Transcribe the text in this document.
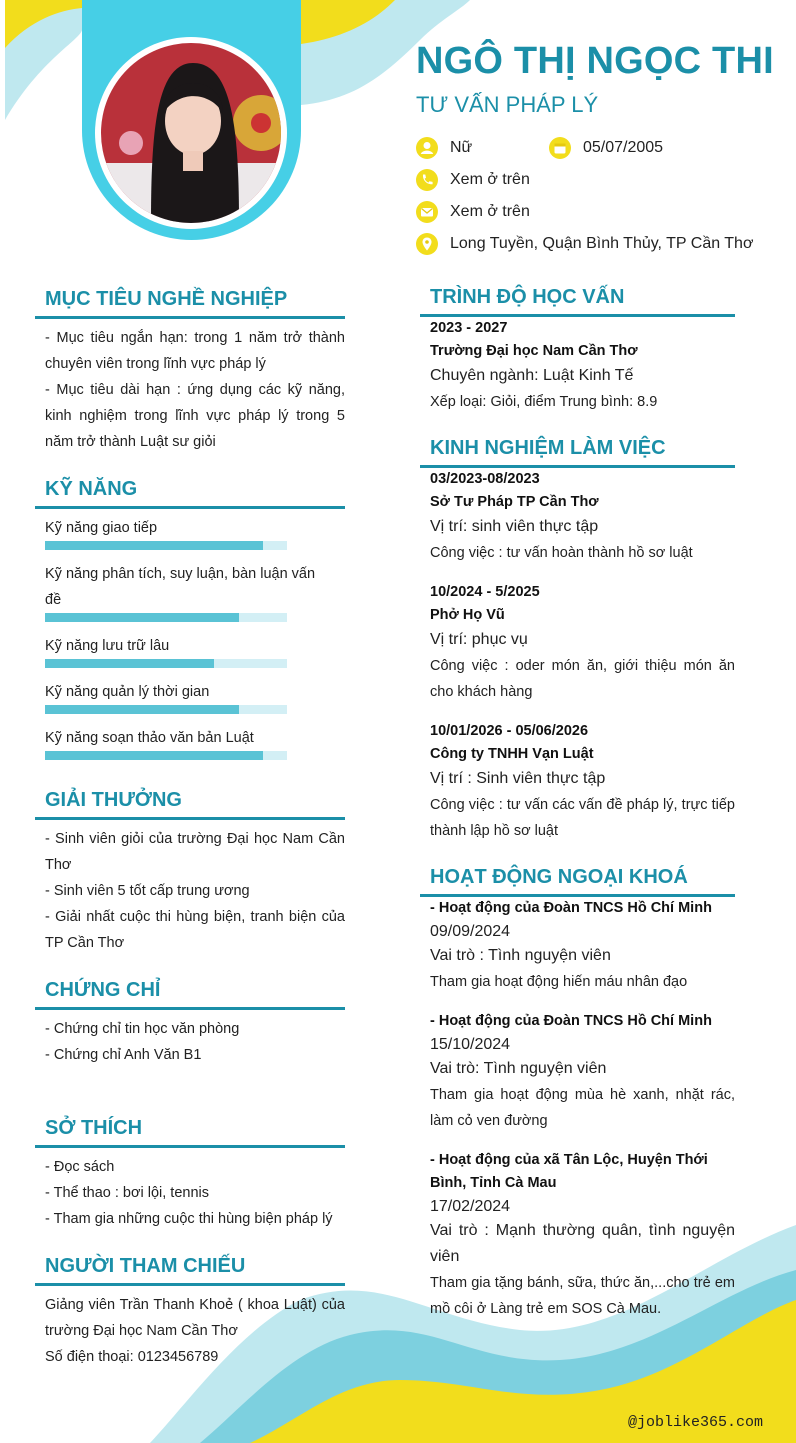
NGÔ THỊ NGỌC THI
TƯ VẤN PHÁP LÝ
Nữ	05/07/2005
Xem ở trên
Xem ở trên
Long Tuyền, Quận Bình Thủy, TP Cần Thơ
MỤC TIÊU NGHỀ NGHIỆP

- Mục tiêu ngắn hạn: trong 1 năm trở thành chuyên viên trong lĩnh vực pháp lý

- Mục tiêu dài hạn : ứng dụng các kỹ năng, kinh nghiệm trong lĩnh vực pháp lý trong 5 năm trở thành Luật sư giỏi

KỸ NĂNG
Kỹ năng giao tiếp
Kỹ năng phân tích, suy luận, bàn luận vấn đề
Kỹ năng lưu trữ lâu
Kỹ năng quản lý thời gian
Kỹ năng soạn thảo văn bản Luật
GIẢI THƯỞNG

- Sinh viên giỏi của trường Đại học Nam Cần Thơ

- Sinh viên 5 tốt cấp trung ương

- Giải nhất cuộc thi hùng biện, tranh biện của TP Cần Thơ

CHỨNG CHỈ

- Chứng chỉ tin học văn phòng

- Chứng chỉ Anh Văn B1

SỞ THÍCH

- Đọc sách

- Thể thao : bơi lội, tennis

- Tham gia những cuộc thi hùng biện pháp lý

NGƯỜI THAM CHIẾU

Giảng viên Trần Thanh Khoẻ ( khoa Luật) của trường Đại học Nam Cần Thơ

Số điện thoại: 0123456789

TRÌNH ĐỘ HỌC VẤN

2023 - 2027

Trường Đại học Nam Cần Thơ

Chuyên ngành: Luật Kinh Tế

Xếp loại: Giỏi, điểm Trung bình: 8.9

KINH NGHIỆM LÀM VIỆC

03/2023-08/2023

Sở Tư Pháp TP Cần Thơ

Vị trí: sinh viên thực tập

Công việc : tư vấn hoàn thành hồ sơ luật

10/2024 - 5/2025

Phở Họ Vũ

Vị trí: phục vụ

Công việc : oder món ăn, giới thiệu món ăn cho khách hàng

10/01/2026 - 05/06/2026

Công ty TNHH Vạn Luật

Vị trí : Sinh viên thực tập

Công việc : tư vấn các vấn đề pháp lý, trực tiếp thành lập hồ sơ luật

HOẠT ĐỘNG NGOẠI KHOÁ

- Hoạt động của Đoàn TNCS Hồ Chí Minh

09/09/2024

Vai trò : Tình nguyện viên

Tham gia hoạt động hiến máu nhân đạo

- Hoạt động của Đoàn TNCS Hồ Chí Minh

15/10/2024

Vai trò: Tình nguyện viên

Tham gia hoạt động mùa hè xanh, nhặt rác, làm cỏ ven đường

- Hoạt động của xã Tân Lộc, Huyện Thới Bình, Tỉnh Cà Mau

17/02/2024

Vai trò : Mạnh thường quân, tình nguyện viên

Tham gia tặng bánh, sữa, thức ăn,...cho trẻ em mồ côi ở Làng trẻ em SOS Cà Mau.

@joblike365.com
